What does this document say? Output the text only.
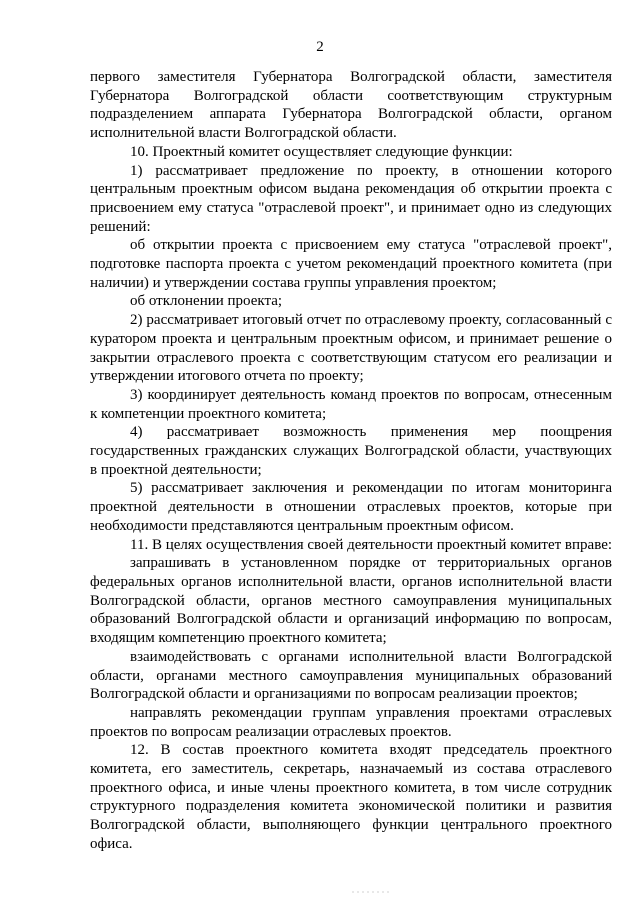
2

первого заместителя Губернатора Волгоградской области, заместителя Губернатора Волгоградской области соответствующим структурным подразделением аппарата Губернатора Волгоградской области, органом исполнительной власти Волгоградской области.

10. Проектный комитет осуществляет следующие функции:

1) рассматривает предложение по проекту, в отношении которого центральным проектным офисом выдана рекомендация об открытии проекта с присвоением ему статуса "отраслевой проект", и принимает одно из следующих решений:

об открытии проекта с присвоением ему статуса "отраслевой проект", подготовке паспорта проекта с учетом рекомендаций проектного комитета (при наличии) и утверждении состава группы управления проектом;

об отклонении проекта;

2) рассматривает итоговый отчет по отраслевому проекту, согласованный с куратором проекта и центральным проектным офисом, и принимает решение о закрытии отраслевого проекта с соответствующим статусом его реализации и утверждении итогового отчета по проекту;

3) координирует деятельность команд проектов по вопросам, отнесенным к компетенции проектного комитета;

4) рассматривает возможность применения мер поощрения государственных гражданских служащих Волгоградской области, участвующих в проектной деятельности;

5) рассматривает заключения и рекомендации по итогам мониторинга проектной деятельности в отношении отраслевых проектов, которые при необходимости представляются центральным проектным офисом.

11. В целях осуществления своей деятельности проектный комитет вправе:

запрашивать в установленном порядке от территориальных органов федеральных органов исполнительной власти, органов исполнительной власти Волгоградской области, органов местного самоуправления муниципальных образований Волгоградской области и организаций информацию по вопросам, входящим компетенцию проектного комитета;

взаимодействовать с органами исполнительной власти Волгоградской области, органами местного самоуправления муниципальных образований Волгоградской области и организациями по вопросам реализации проектов;

направлять рекомендации группам управления проектами отраслевых проектов по вопросам реализации отраслевых проектов.

12. В состав проектного комитета входят председатель проектного комитета, его заместитель, секретарь, назначаемый из состава отраслевого проектного офиса, и иные члены проектного комитета, в том числе сотрудник структурного подразделения комитета экономической политики и развития Волгоградской области, выполняющего функции центрального проектного офиса.
